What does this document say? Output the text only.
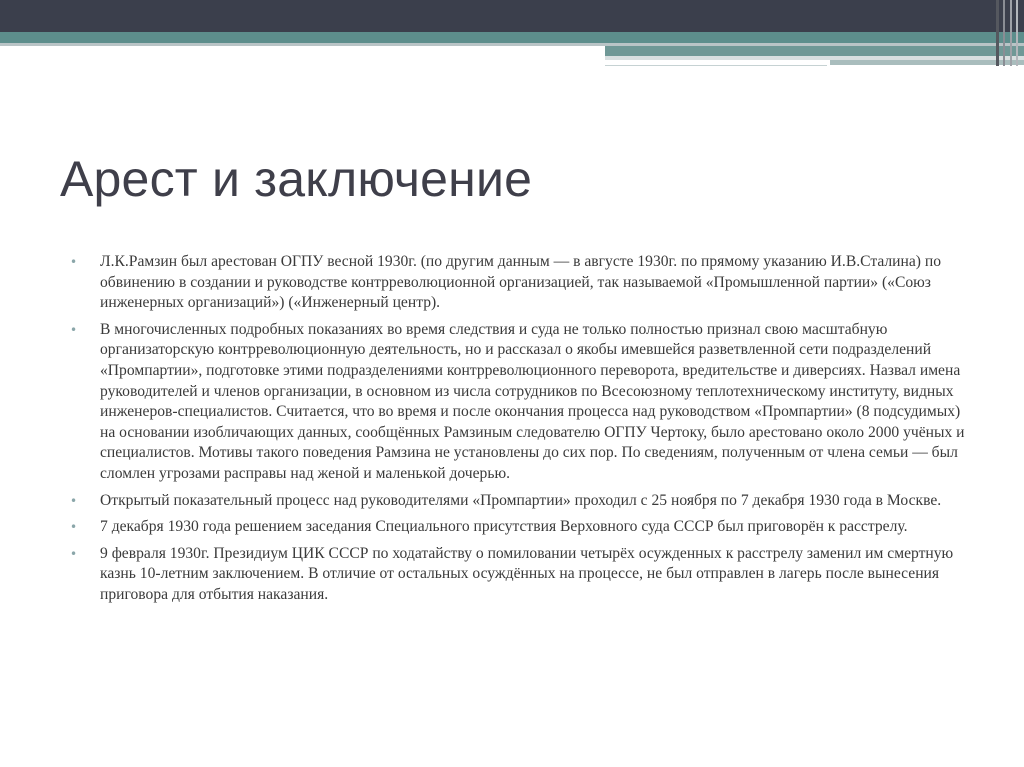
Арест и заключение
• Л.К.Рамзин был арестован ОГПУ весной 1930г. (по другим данным — в августе 1930г. по прямому указанию И.В.Сталина) по обвинению в создании и руководстве контрреволюционной организацией, так называемой «Промышленной партии» («Союз инженерных организаций») («Инженерный центр).
• В многочисленных подробных показаниях во время следствия и суда не только полностью признал свою масштабную организаторскую контрреволюционную деятельность, но и рассказал о якобы имевшейся разветвленной сети подразделений «Промпартии», подготовке этими подразделениями контрреволюционного переворота, вредительстве и диверсиях. Назвал имена руководителей и членов организации, в основном из числа сотрудников по Всесоюзному теплотехническому институту, видных инженеров-специалистов. Считается, что во время и после окончания процесса над руководством «Промпартии» (8 подсудимых) на основании изобличающих данных, сообщённых Рамзиным следователю ОГПУ Чертоку, было арестовано около 2000 учёных и специалистов. Мотивы такого поведения Рамзина не установлены до сих пор. По сведениям, полученным от члена семьи — был сломлен угрозами расправы над женой и маленькой дочерью.
• Открытый показательный процесс над руководителями «Промпартии» проходил с 25 ноября по 7 декабря 1930 года в Москве.
• 7 декабря 1930 года решением заседания Специального присутствия Верховного суда СССР был приговорён к расстрелу.
• 9 февраля 1930г. Президиум ЦИК СССР по ходатайству о помиловании четырёх осужденных к расстрелу заменил им смертную казнь 10-летним заключением. В отличие от остальных осуждённых на процессе, не был отправлен в лагерь после вынесения приговора для отбытия наказания.
